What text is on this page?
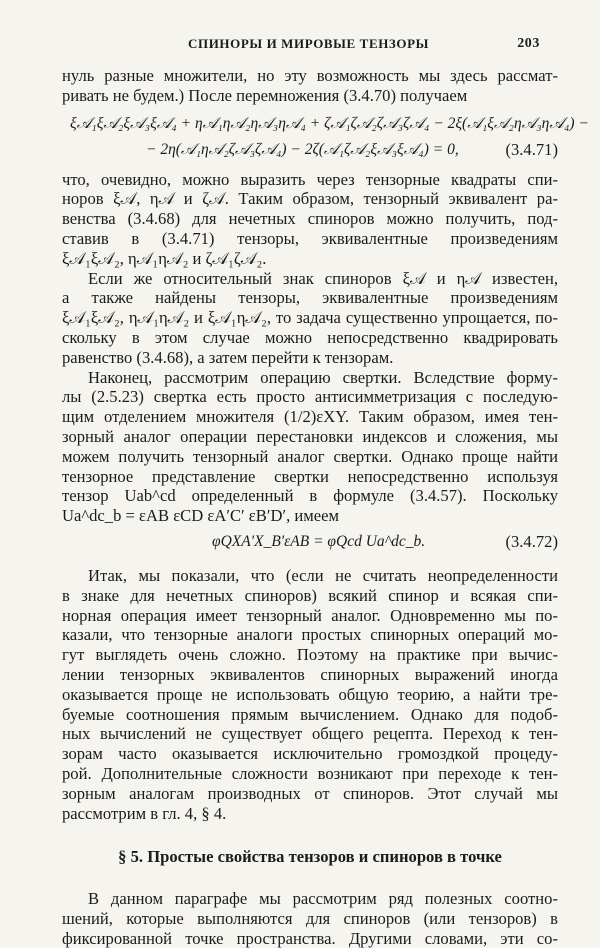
СПИНОРЫ И МИРОВЫЕ ТЕНЗОРЫ	203
нуль разные множители, но эту возможность мы здесь рассмат-
ривать не будем.) После перемножения (3.4.70) получаем
ξ𝒜₁ξ𝒜₂ξ𝒜₃ξ𝒜₄ + η𝒜₁η𝒜₂η𝒜₃η𝒜₄ + ζ𝒜₁ζ𝒜₂ζ𝒜₃ζ𝒜₄ − 2ξ(𝒜₁ξ𝒜₂η𝒜₃η𝒜₄) −
− 2η(𝒜₁η𝒜₂ζ𝒜₃ζ𝒜₄) − 2ζ(𝒜₁ζ𝒜₂ξ𝒜₃ξ𝒜₄) = 0,	(3.4.71)
что, очевидно, можно выразить через тензорные квадраты спи-
норов ξ𝒜, η𝒜 и ζ𝒜. Таким образом, тензорный эквивалент ра-
венства (3.4.68) для нечетных спиноров можно получить, под-
ставив в (3.4.71) тензоры, эквивалентные произведениям
ξ𝒜₁ξ𝒜₂, η𝒜₁η𝒜₂ и ζ𝒜₁ζ𝒜₂.
Если же относительный знак спиноров ξ𝒜 и η𝒜 известен,
а также найдены тензоры, эквивалентные произведениям
ξ𝒜₁ξ𝒜₂, η𝒜₁η𝒜₂ и ξ𝒜₁η𝒜₂, то задача существенно упрощается, по-
скольку в этом случае можно непосредственно квадрировать
равенство (3.4.68), а затем перейти к тензорам.
Наконец, рассмотрим операцию свертки. Вследствие форму-
лы (2.5.23) свертка есть просто антисимметризация с последую-
щим отделением множителя (1/2)εXY. Таким образом, имея тен-
зорный аналог операции перестановки индексов и сложения, мы
можем получить тензорный аналог свертки. Однако проще найти
тензорное представление свертки непосредственно используя
тензор Uab^cd определенный в формуле (3.4.57). Поскольку
Ua^dc_b = εAB εCD εA′C′ εB′D′, имеем
φQXA′X_B′εAB = φQcd Ua^dc_b.	(3.4.72)
Итак, мы показали, что (если не считать неопределенности
в знаке для нечетных спиноров) всякий спинор и всякая спи-
норная операция имеет тензорный аналог. Одновременно мы по-
казали, что тензорные аналоги простых спинорных операций мо-
гут выглядеть очень сложно. Поэтому на практике при вычис-
лении тензорных эквивалентов спинорных выражений иногда
оказывается проще не использовать общую теорию, а найти тре-
буемые соотношения прямым вычислением. Однако для подоб-
ных вычислений не существует общего рецепта. Переход к тен-
зорам часто оказывается исключительно громоздкой процеду-
рой. Дополнительные сложности возникают при переходе к тен-
зорным аналогам производных от спиноров. Этот случай мы
рассмотрим в гл. 4, § 4.
§ 5. Простые свойства тензоров и спиноров в точке
В данном параграфе мы рассмотрим ряд полезных соотно-
шений, которые выполняются для спиноров (или тензоров) в
фиксированной точке пространства. Другими словами, эти со-
